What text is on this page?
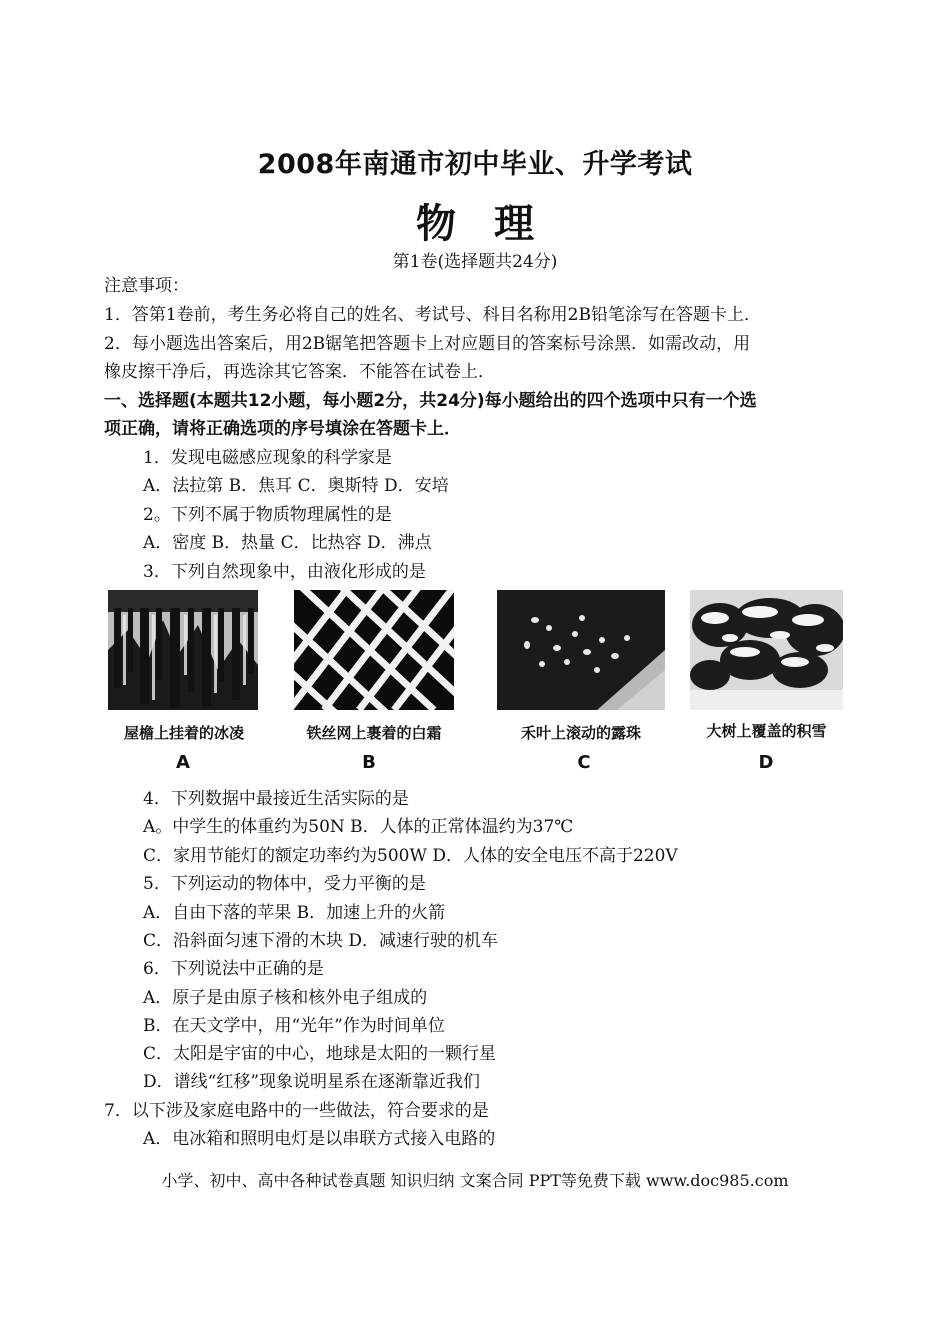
2008年南通市初中毕业、升学考试
物理
第1卷(选择题共24分)
注意事项：
1．答第1卷前，考生务必将自己的姓名、考试号、科目名称用2B铅笔涂写在答题卡上．
2．每小题选出答案后，用2B锯笔把答题卡上对应题目的答案标号涂黑．如需改动，用
橡皮擦干净后，再选涂其它答案．不能答在试卷上．
一、选择题(本题共12小题，每小题2分，共24分)每小题给出的四个选项中只有一个选
项正确，请将正确选项的序号填涂在答题卡上．
1．发现电磁感应现象的科学家是
A．法拉第 B．焦耳 C．奥斯特 D．安培
2。下列不属于物质物理属性的是
A．密度 B．热量 C．比热容 D．沸点
3．下列自然现象中，由液化形成的是
屋檐上挂着的冰凌	铁丝网上裹着的白霜	禾叶上滚动的露珠	大树上覆盖的积雪
A	B	C	D
4．下列数据中最接近生活实际的是
A。中学生的体重约为50N B．人体的正常体温约为37℃
C．家用节能灯的额定功率约为500W D．人体的安全电压不高于220V
5．下列运动的物体中，受力平衡的是
A．自由下落的苹果 B．加速上升的火箭
C．沿斜面匀速下滑的木块 D．减速行驶的机车
6．下列说法中正确的是
A．原子是由原子核和核外电子组成的
B．在天文学中，用“光年”作为时间单位
C．太阳是宇宙的中心，地球是太阳的一颗行星
D．谱线“红移”现象说明星系在逐渐靠近我们
7．以下涉及家庭电路中的一些做法，符合要求的是
A．电冰箱和照明电灯是以串联方式接入电路的
小学、初中、高中各种试卷真题 知识归纳 文案合同 PPT等免费下载 www.doc985.com
